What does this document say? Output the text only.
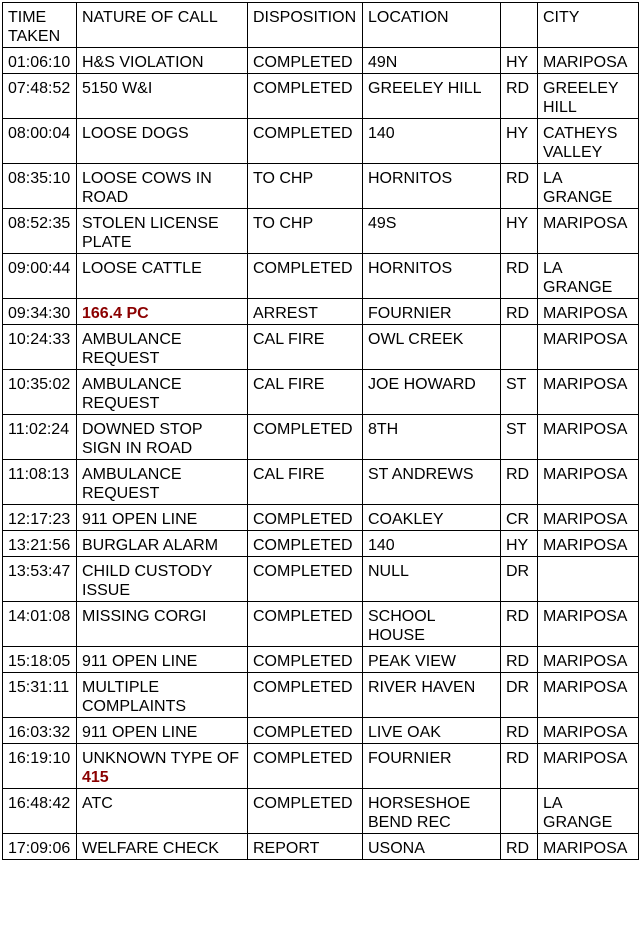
TIME TAKEN	NATURE OF CALL	DISPOSITION	LOCATION		CITY
01:06:10	H&S VIOLATION	COMPLETED	49N	HY	MARIPOSA
07:48:52	5150 W&I	COMPLETED	GREELEY HILL	RD	GREELEY HILL
08:00:04	LOOSE DOGS	COMPLETED	140	HY	CATHEYS VALLEY
08:35:10	LOOSE COWS IN ROAD	TO CHP	HORNITOS	RD	LA GRANGE
08:52:35	STOLEN LICENSE PLATE	TO CHP	49S	HY	MARIPOSA
09:00:44	LOOSE CATTLE	COMPLETED	HORNITOS	RD	LA GRANGE
09:34:30	166.4 PC	ARREST	FOURNIER	RD	MARIPOSA
10:24:33	AMBULANCE REQUEST	CAL FIRE	OWL CREEK		MARIPOSA
10:35:02	AMBULANCE REQUEST	CAL FIRE	JOE HOWARD	ST	MARIPOSA
11:02:24	DOWNED STOP SIGN IN ROAD	COMPLETED	8TH	ST	MARIPOSA
11:08:13	AMBULANCE REQUEST	CAL FIRE	ST ANDREWS	RD	MARIPOSA
12:17:23	911 OPEN LINE	COMPLETED	COAKLEY	CR	MARIPOSA
13:21:56	BURGLAR ALARM	COMPLETED	140	HY	MARIPOSA
13:53:47	CHILD CUSTODY ISSUE	COMPLETED	NULL	DR	
14:01:08	MISSING CORGI	COMPLETED	SCHOOL HOUSE	RD	MARIPOSA
15:18:05	911 OPEN LINE	COMPLETED	PEAK VIEW	RD	MARIPOSA
15:31:11	MULTIPLE COMPLAINTS	COMPLETED	RIVER HAVEN	DR	MARIPOSA
16:03:32	911 OPEN LINE	COMPLETED	LIVE OAK	RD	MARIPOSA
16:19:10	UNKNOWN TYPE OF 415	COMPLETED	FOURNIER	RD	MARIPOSA
16:48:42	ATC	COMPLETED	HORSESHOE BEND REC		LA GRANGE
17:09:06	WELFARE CHECK	REPORT	USONA	RD	MARIPOSA
